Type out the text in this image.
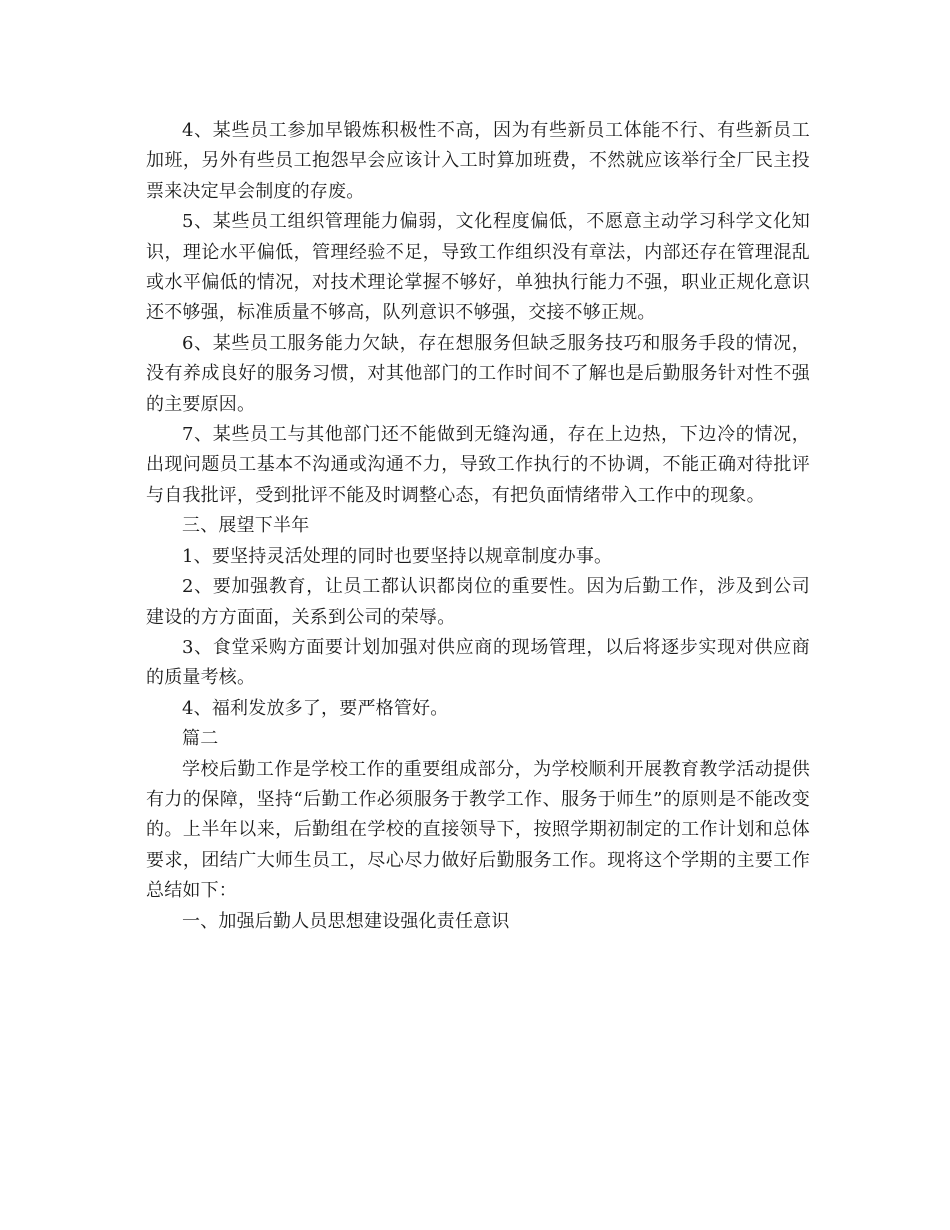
4、某些员工参加早锻炼积极性不高，因为有些新员工体能不行、有些新员工加班，另外有些员工抱怨早会应该计入工时算加班费，不然就应该举行全厂民主投票来决定早会制度的存废。

5、某些员工组织管理能力偏弱，文化程度偏低，不愿意主动学习科学文化知识，理论水平偏低，管理经验不足，导致工作组织没有章法，内部还存在管理混乱或水平偏低的情况，对技术理论掌握不够好，单独执行能力不强，职业正规化意识还不够强，标准质量不够高，队列意识不够强，交接不够正规。

6、某些员工服务能力欠缺，存在想服务但缺乏服务技巧和服务手段的情况，没有养成良好的服务习惯，对其他部门的工作时间不了解也是后勤服务针对性不强的主要原因。

7、某些员工与其他部门还不能做到无缝沟通，存在上边热，下边冷的情况，出现问题员工基本不沟通或沟通不力，导致工作执行的不协调，不能正确对待批评与自我批评，受到批评不能及时调整心态，有把负面情绪带入工作中的现象。

三、展望下半年

1、要坚持灵活处理的同时也要坚持以规章制度办事。

2、要加强教育，让员工都认识都岗位的重要性。因为后勤工作，涉及到公司建设的方方面面，关系到公司的荣辱。

3、食堂采购方面要计划加强对供应商的现场管理，以后将逐步实现对供应商的质量考核。

4、福利发放多了，要严格管好。

篇二

学校后勤工作是学校工作的重要组成部分，为学校顺利开展教育教学活动提供有力的保障，坚持“后勤工作必须服务于教学工作、服务于师生”的原则是不能改变的。上半年以来，后勤组在学校的直接领导下，按照学期初制定的工作计划和总体要求，团结广大师生员工，尽心尽力做好后勤服务工作。现将这个学期的主要工作总结如下：

一、加强后勤人员思想建设强化责任意识
